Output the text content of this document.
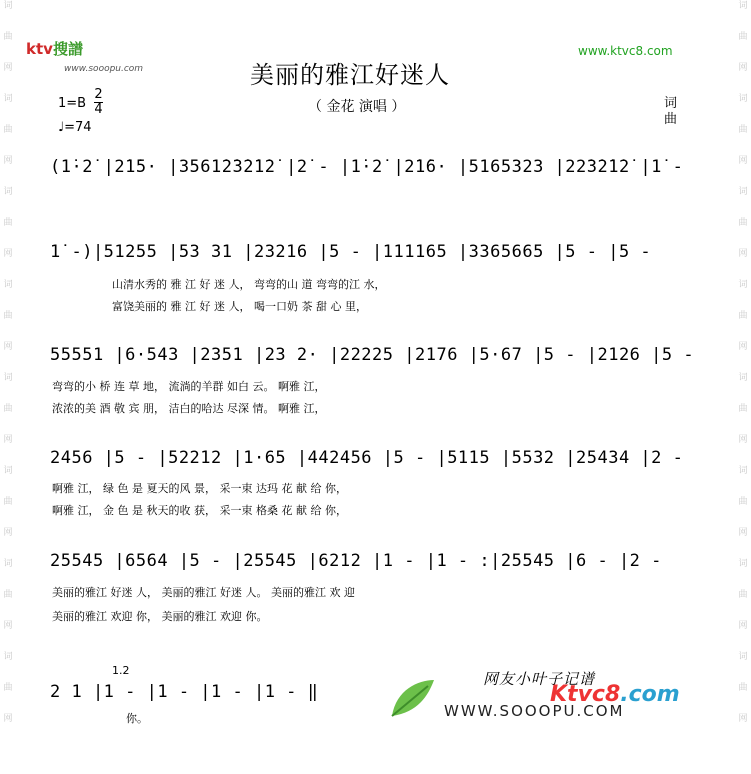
词
曲
网
词
曲
网
词
曲
网
词
曲
网
词
曲
网
词
曲
网
词
曲
网
词
曲
网
词
曲
网
词
曲
网
词
曲
网
词
曲
网
词
曲
网
词
曲
网
词
曲
网
词
曲
网
ktv搜譜
www.sooopu.com
www.ktvc8.com
美丽的雅江好迷人
（ 金花 演唱 ）
1=B
2
4
♩=74
词
曲
(1̇·2̇ |2̇1̇5· |3561̇2̇3̇2̇1̇2̇ |2̇ - |1̇·2̇ |2̇1̇6· |5165323 |22̇3̇2̇1̇2̇ |1̇ -
1̇ -)|51255 |53 31 |23216 |5 - |111165 |3365665 |5 - |5 -
山清水秀的 雅 江 好 迷 人， 弯弯的山 道 弯弯的江 水，
富饶美丽的 雅 江 好 迷 人， 喝一口奶 茶 甜 心 里，
55551 |6·543 |2351 |23 2· |22225 |2176 |5·67 |5 - |2126 |5 -
弯弯的小 桥 连 草 地， 流淌的羊群 如白 云。 啊雅 江，
浓浓的美 酒 敬 宾 朋， 洁白的哈达 尽深 情。 啊雅 江，
2456 |5 - |52212 |1·65 |442456 |5 - |5115 |5532 |25434 |2 -
啊雅 江， 绿 色 是 夏天的风 景， 采一束 达玛 花 献 给 你，
啊雅 江， 金 色 是 秋天的收 获， 采一束 格桑 花 献 给 你，
25545 |6564 |5 - |25545 |6212 |1 - |1 - :|25545 |6 - |2 -
美丽的雅江 好迷 人， 美丽的雅江 好迷 人。 美丽的雅江 欢 迎
美丽的雅江 欢迎 你， 美丽的雅江 欢迎 你。
1.2
2 1 |1 - |1 - |1 - |1 - ‖
你。
网友小叶子记谱
WWW.SOOOPU.COM
Ktvc8.com
